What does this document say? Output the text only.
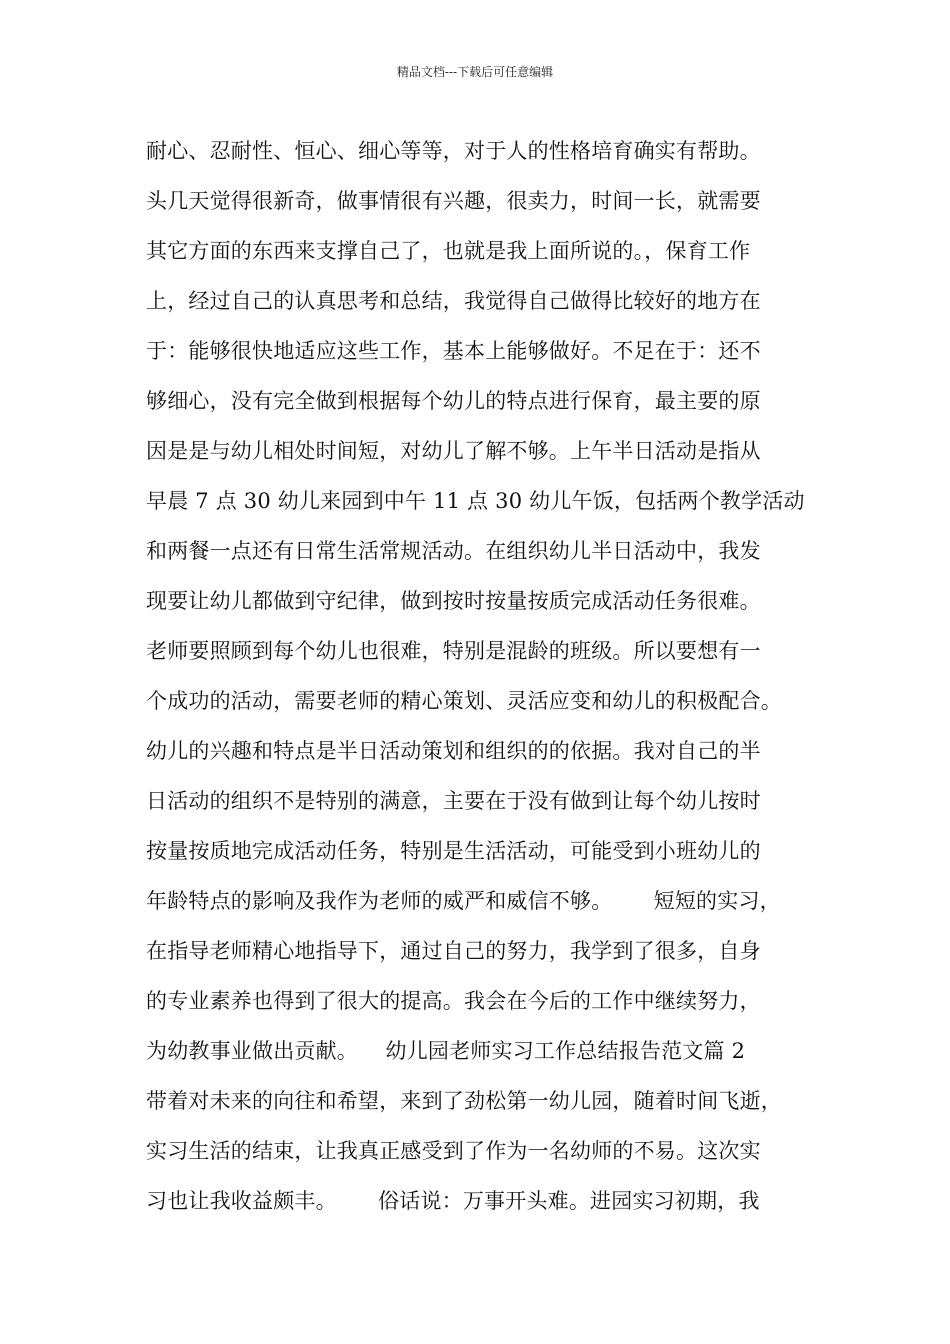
精品文档---下载后可任意编辑
耐心、忍耐性、恒心、细心等等，对于人的性格培育确实有帮助。
头几天觉得很新奇，做事情很有兴趣，很卖力，时间一长，就需要
其它方面的东西来支撑自己了，也就是我上面所说的。，保育工作
上，经过自己的认真思考和总结，我觉得自己做得比较好的地方在
于：能够很快地适应这些工作，基本上能够做好。不足在于：还不
够细心，没有完全做到根据每个幼儿的特点进行保育，最主要的原
因是是与幼儿相处时间短，对幼儿了解不够。上午半日活动是指从
早晨 7 点 30 幼儿来园到中午 11 点 30 幼儿午饭，包括两个教学活动
和两餐一点还有日常生活常规活动。在组织幼儿半日活动中，我发
现要让幼儿都做到守纪律，做到按时按量按质完成活动任务很难。
老师要照顾到每个幼儿也很难，特别是混龄的班级。所以要想有一
个成功的活动，需要老师的精心策划、灵活应变和幼儿的积极配合。
幼儿的兴趣和特点是半日活动策划和组织的的依据。我对自己的半
日活动的组织不是特别的满意，主要在于没有做到让每个幼儿按时
按量按质地完成活动任务，特别是生活活动，可能受到小班幼儿的
年龄特点的影响及我作为老师的威严和威信不够。      短短的实习，
在指导老师精心地指导下，通过自己的努力，我学到了很多，自身
的专业素养也得到了很大的提高。我会在今后的工作中继续努力，
为幼教事业做出贡献。    幼儿园老师实习工作总结报告范文篇 2
带着对未来的向往和希望，来到了劲松第一幼儿园，随着时间飞逝，
实习生活的结束，让我真正感受到了作为一名幼师的不易。这次实
习也让我收益颇丰。      俗话说：万事开头难。进园实习初期，我
